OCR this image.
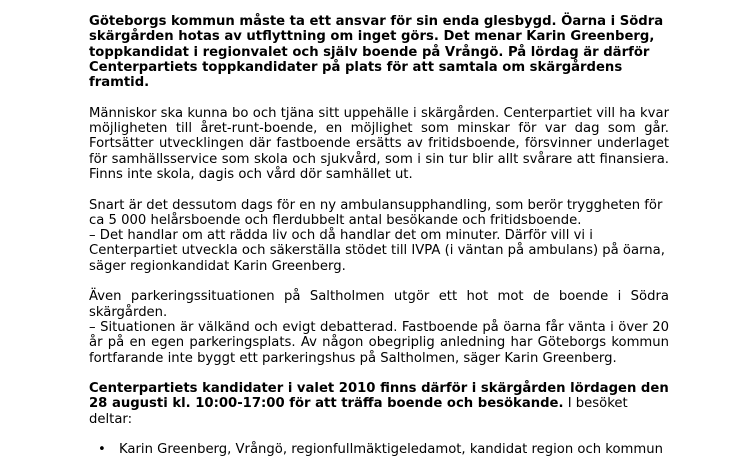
Göteborgs kommun måste ta ett ansvar för sin enda glesbygd. Öarna i Södra skärgården hotas av utflyttning om inget görs. Det menar Karin Greenberg, toppkandidat i regionvalet och själv boende på Vrångö. På lördag är därför Centerpartiets toppkandidater på plats för att samtala om skärgårdens framtid.

Människor ska kunna bo och tjäna sitt uppehälle i skärgården. Centerpartiet vill ha kvar möjligheten till året-runt-boende, en möjlighet som minskar för var dag som går. Fortsätter utvecklingen där fastboende ersätts av fritidsboende, försvinner underlaget för samhällsservice som skola och sjukvård, som i sin tur blir allt svårare att finansiera. Finns inte skola, dagis och vård dör samhället ut.

Snart är det dessutom dags för en ny ambulansupphandling, som berör tryggheten för ca 5 000 helårsboende och flerdubbelt antal besökande och fritidsboende.
– Det handlar om att rädda liv och då handlar det om minuter. Därför vill vi i Centerpartiet utveckla och säkerställa stödet till IVPA (i väntan på ambulans) på öarna, säger regionkandidat Karin Greenberg.

Även parkeringssituationen på Saltholmen utgör ett hot mot de boende i Södra skärgården.
– Situationen är välkänd och evigt debatterad. Fastboende på öarna får vänta i över 20 år på en egen parkeringsplats. Av någon obegriplig anledning har Göteborgs kommun fortfarande inte byggt ett parkeringshus på Saltholmen, säger Karin Greenberg.

Centerpartiets kandidater i valet 2010 finns därför i skärgården lördagen den 28 augusti kl. 10:00-17:00 för att träffa boende och besökande. I besöket deltar:

• Karin Greenberg, Vrångö, regionfullmäktigeledamot, kandidat region och kommun
